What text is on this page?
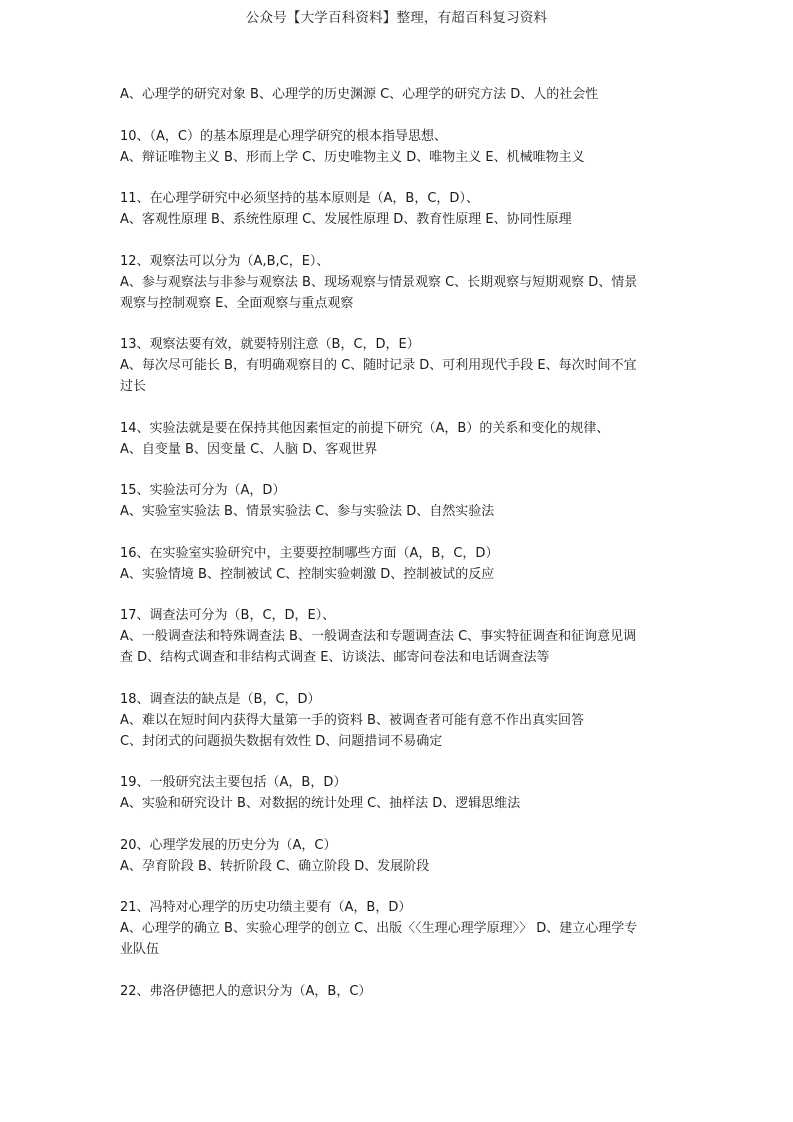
公众号【大学百科资料】整理，有超百科复习资料
A、心理学的研究对象 B、心理学的历史渊源 C、心理学的研究方法 D、人的社会性
10、（A，C）的基本原理是心理学研究的根本指导思想、
A、辩证唯物主义 B、形而上学 C、历史唯物主义 D、唯物主义 E、机械唯物主义
11、在心理学研究中必须坚持的基本原则是（A，B，C，D）、
A、客观性原理 B、系统性原理 C、发展性原理 D、教育性原理 E、协同性原理
12、观察法可以分为（A,B,C，E）、
A、参与观察法与非参与观察法 B、现场观察与情景观察 C、长期观察与短期观察 D、情景
观察与控制观察 E、全面观察与重点观察
13、观察法要有效，就要特别注意（B，C，D，E）
A、每次尽可能长 B，有明确观察目的 C、随时记录 D、可利用现代手段 E、每次时间不宜
过长
14、实验法就是要在保持其他因素恒定的前提下研究（A，B）的关系和变化的规律、
A、自变量 B、因变量 C、人脑 D、客观世界
15、实验法可分为（A，D）
A、实验室实验法 B、情景实验法 C、参与实验法 D、自然实验法
16、在实验室实验研究中，主要要控制哪些方面（A，B，C，D）
A、实验情境 B、控制被试 C、控制实验刺激 D、控制被试的反应
17、调查法可分为（B，C，D，E）、
A、一般调查法和特殊调查法 B、一般调查法和专题调查法 C、事实特征调查和征询意见调
查 D、结构式调查和非结构式调查 E、访谈法、邮寄问卷法和电话调查法等
18、调查法的缺点是（B，C，D）
A、难以在短时间内获得大量第一手的资料 B、被调查者可能有意不作出真实回答
C、封闭式的问题损失数据有效性 D、问题措词不易确定
19、一般研究法主要包括（A，B，D）
A、实验和研究设计 B、对数据的统计处理 C、抽样法 D、逻辑思维法
20、心理学发展的历史分为（A，C）
A、孕育阶段 B、转折阶段 C、确立阶段 D、发展阶段
21、冯特对心理学的历史功绩主要有（A，B，D）
A、心理学的确立 B、实验心理学的创立 C、出版〈〈生理心理学原理〉〉 D、建立心理学专
业队伍
22、弗洛伊德把人的意识分为（A，B，C）
